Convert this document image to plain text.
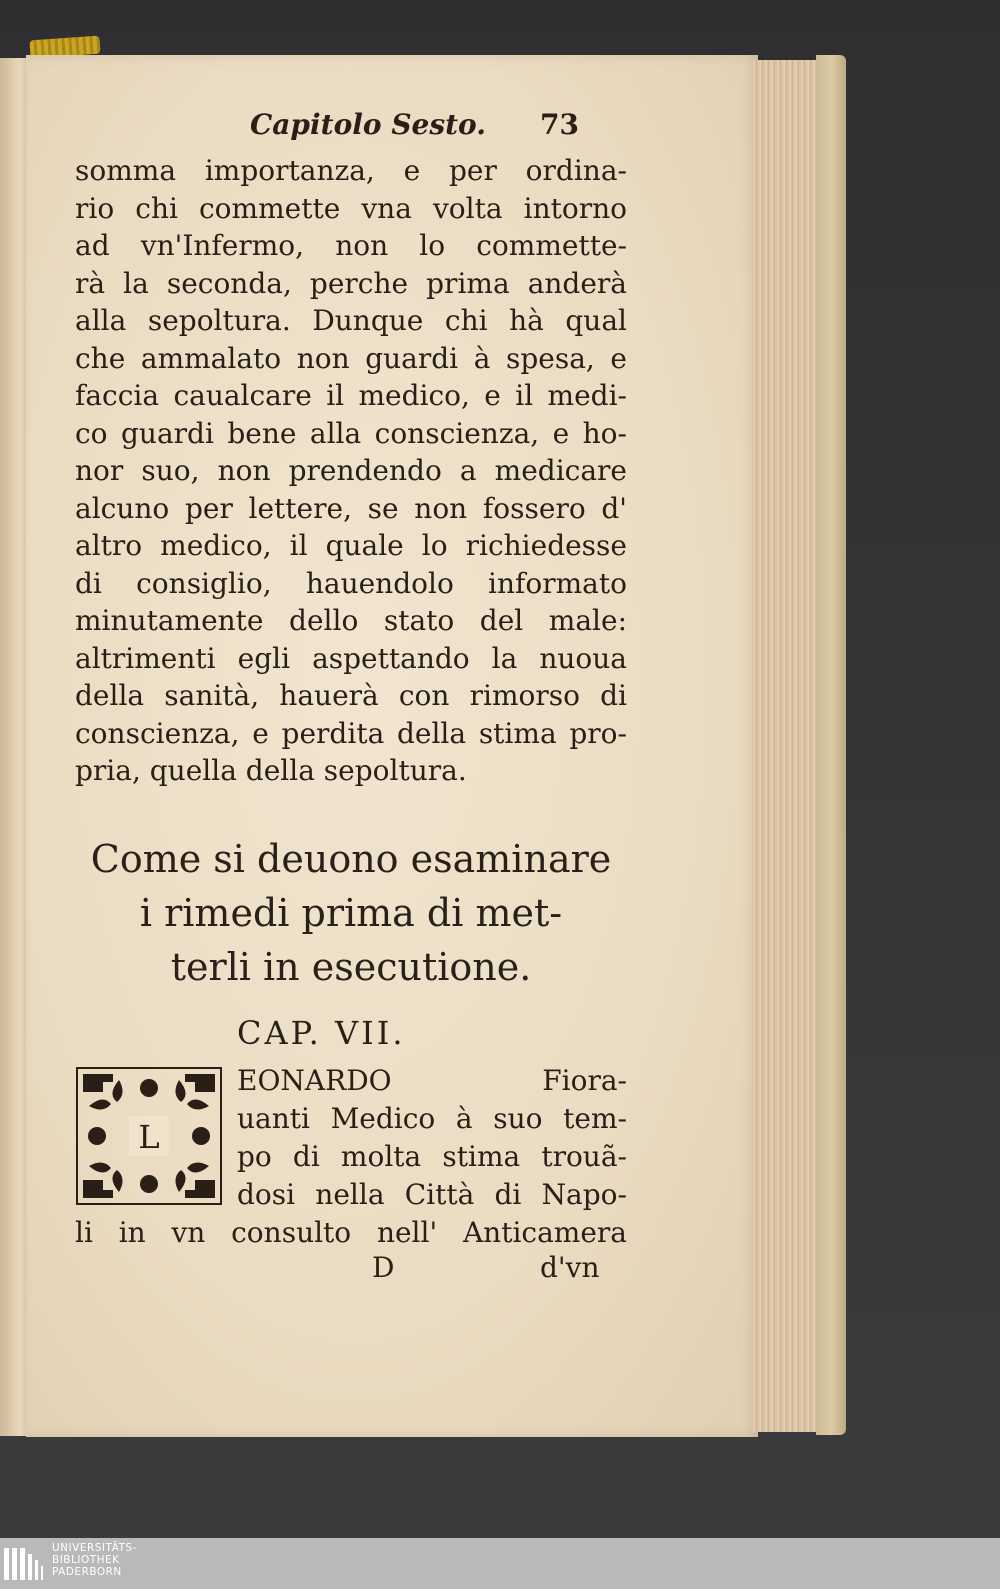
Capitolo Sesto. 73
somma importanza, e per ordina-
rio chi commette vna volta intorno
ad vn'Infermo, non lo commette-
rà la seconda, perche prima anderà
alla sepoltura. Dunque chi hà qual
che ammalato non guardi à spesa, e
faccia caualcare il medico, e il medi-
co guardi bene alla conscienza, e ho-
nor suo, non prendendo a medicare
alcuno per lettere, se non fossero d'
altro medico, il quale lo richiedesse
di consiglio, hauendolo informato
minutamente dello stato del male:
altrimenti egli aspettando la nuoua
della sanità, hauerà con rimorso di
conscienza, e perdita della stima pro-
pria, quella della sepoltura.
Come si deuono esaminare
i rimedi prima di met-
terli in esecutione.
CAP. VII.
L
EONARDO Fiora-
uanti Medico à suo tem-
po di molta stima trouã-
dosi nella Città di Napo-
li in vn consulto nell' Anticamera
D	d'vn
UNIVERSITÄTS-
BIBLIOTHEK
PADERBORN
